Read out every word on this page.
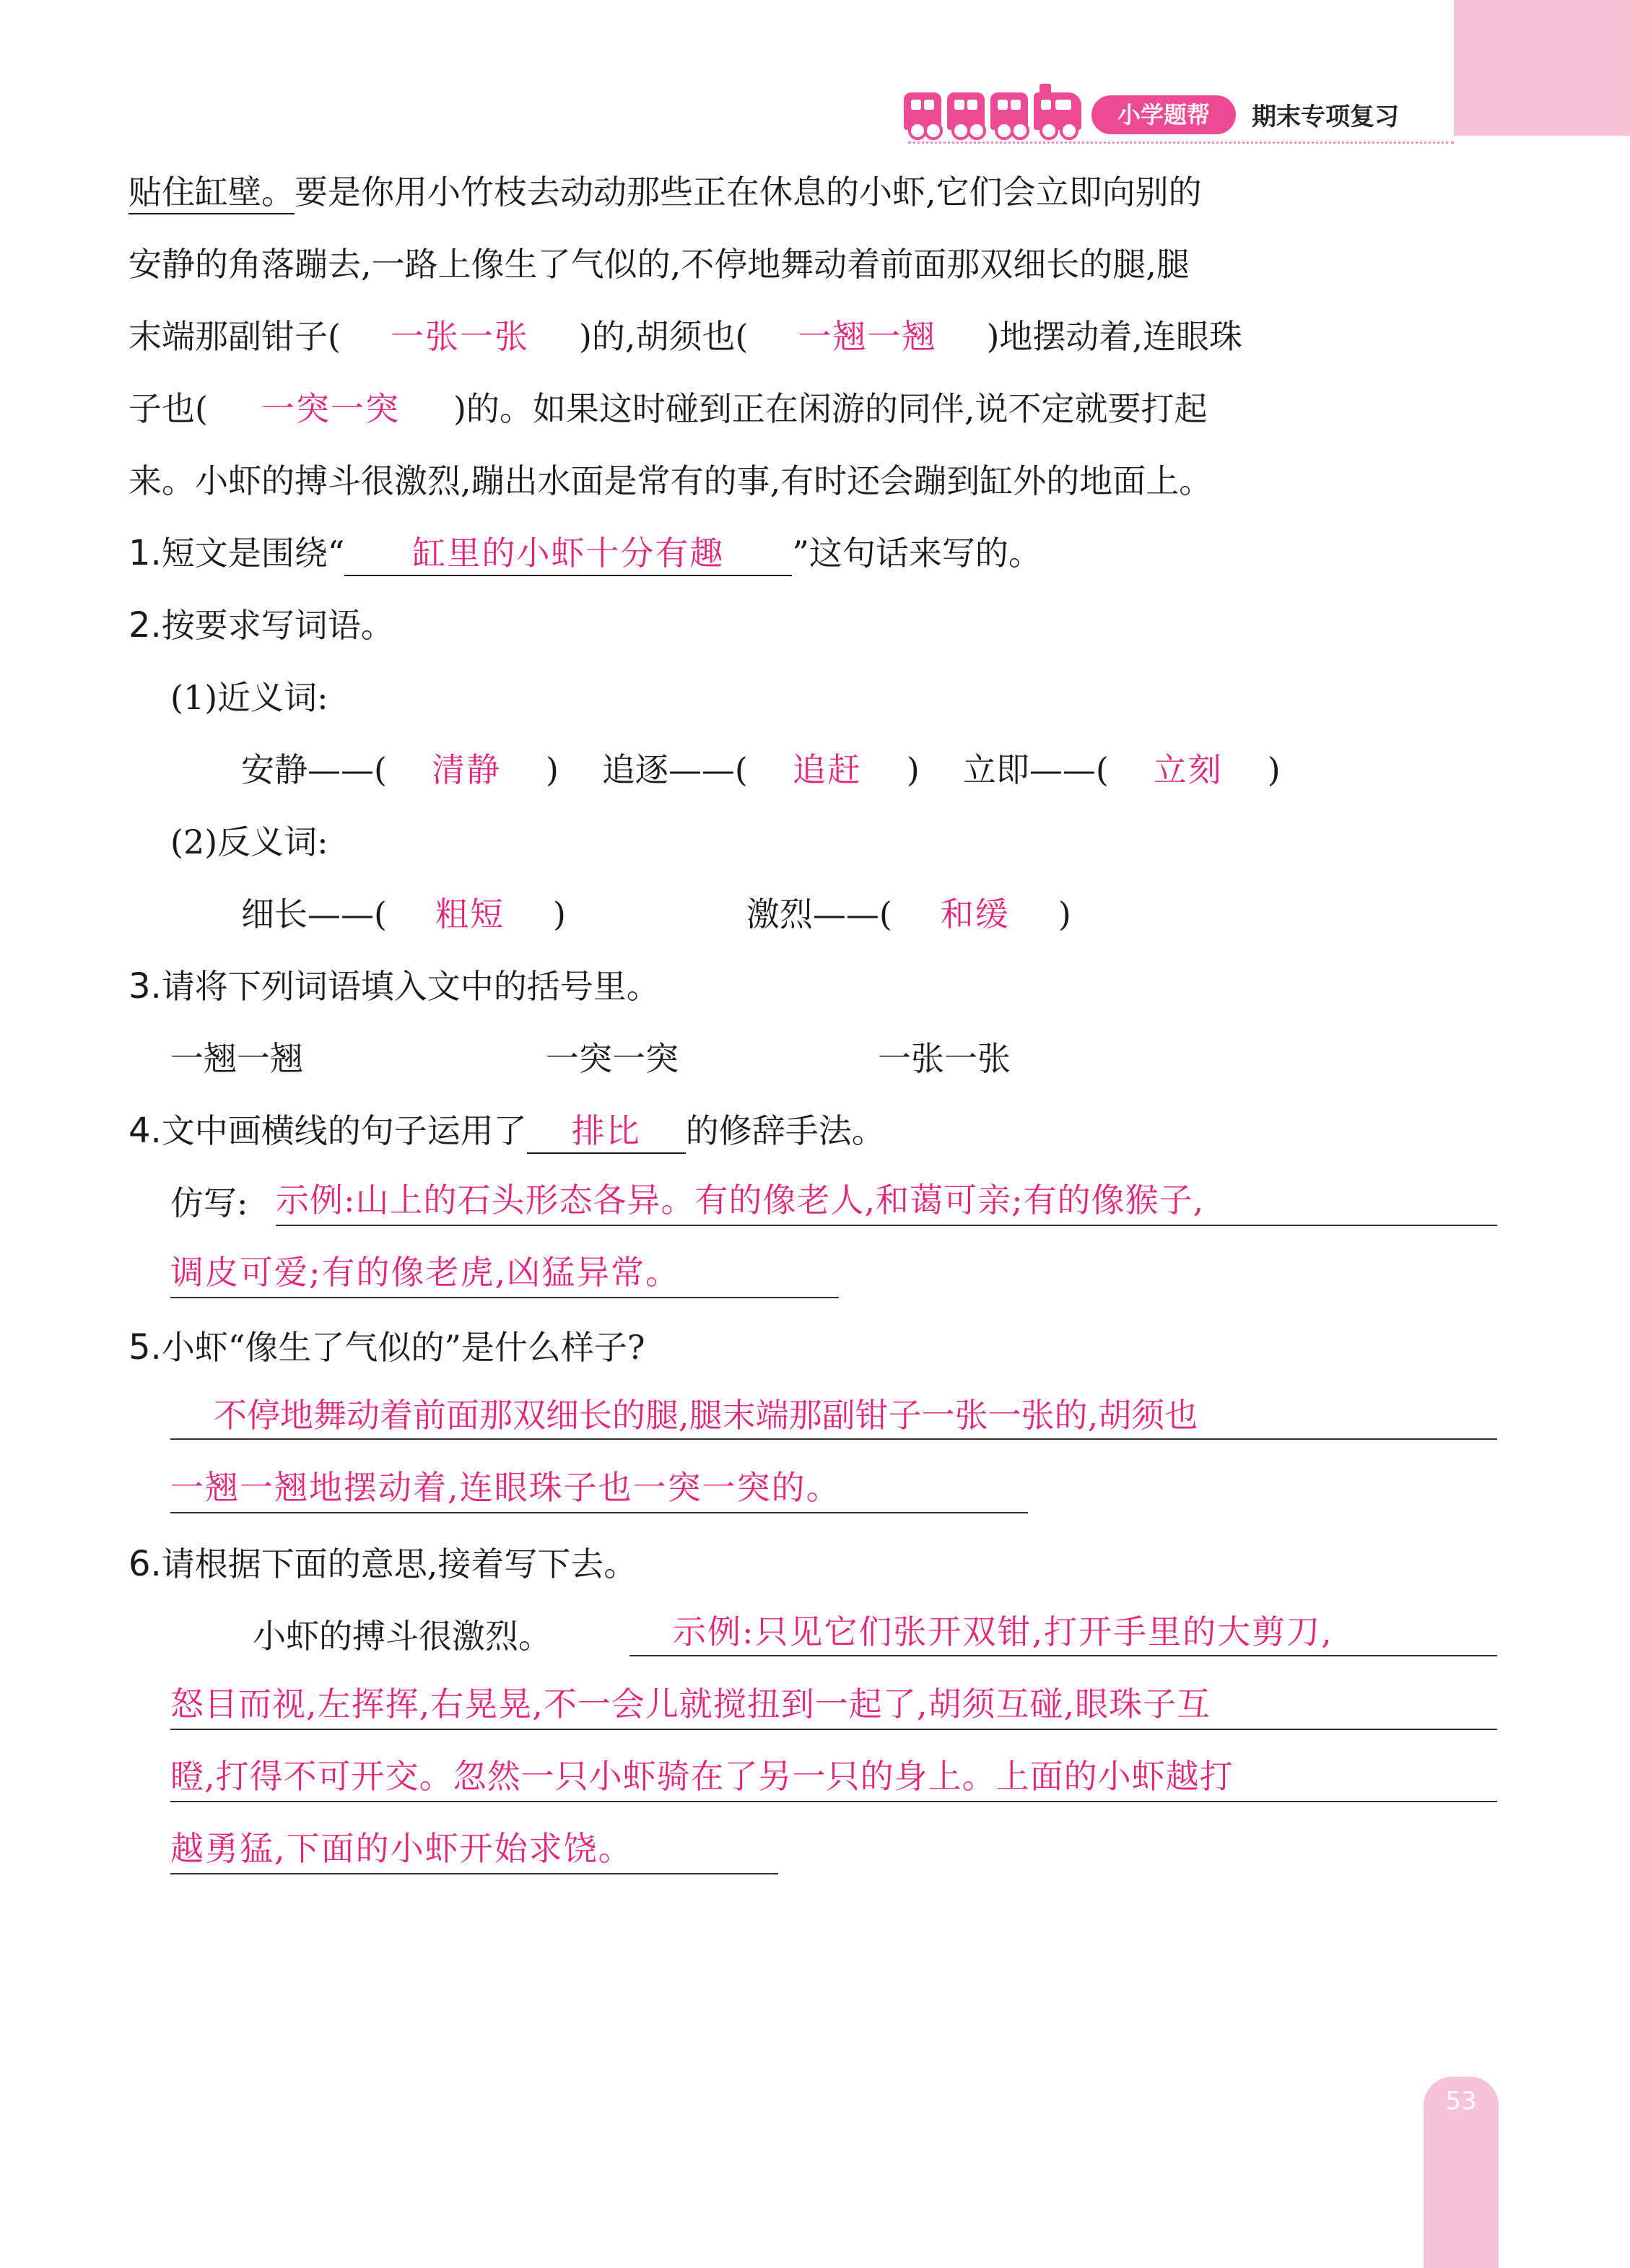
小学题帮	期末专项复习
贴住缸壁。要是你用小竹枝去动动那些正在休息的小虾,它们会立即向别的
安静的角落蹦去,一路上像生了气似的,不停地舞动着前面那双细长的腿,腿
末端那副钳子( 一张一张 )的,胡须也( 一翘一翘 )地摆动着,连眼珠
子也( 一突一突 )的。如果这时碰到正在闲游的同伴,说不定就要打起
来。小虾的搏斗很激烈,蹦出水面是常有的事,有时还会蹦到缸外的地面上。
1.短文是围绕“ 缸里的小虾十分有趣 ”这句话来写的。
2.按要求写词语。
(1)近义词:
安静——( 清静 ) 追逐——( 追赶 ) 立即——( 立刻 )
(2)反义词:
细长——( 粗短 )	激烈——( 和缓 )
3.请将下列词语填入文中的括号里。
一翘一翘	一突一突	一张一张
4.文中画横线的句子运用了 排比 的修辞手法。
仿写: 示例:山上的石头形态各异。有的像老人,和蔼可亲;有的像猴子,
调皮可爱;有的像老虎,凶猛异常。
5.小虾“像生了气似的”是什么样子?
不停地舞动着前面那双细长的腿,腿末端那副钳子一张一张的,胡须也
一翘一翘地摆动着,连眼珠子也一突一突的。
6.请根据下面的意思,接着写下去。
小虾的搏斗很激烈。	示例:只见它们张开双钳,打开手里的大剪刀,
怒目而视,左挥挥,右晃晃,不一会儿就搅扭到一起了,胡须互碰,眼珠子互
瞪,打得不可开交。忽然一只小虾骑在了另一只的身上。上面的小虾越打
越勇猛,下面的小虾开始求饶。
53
